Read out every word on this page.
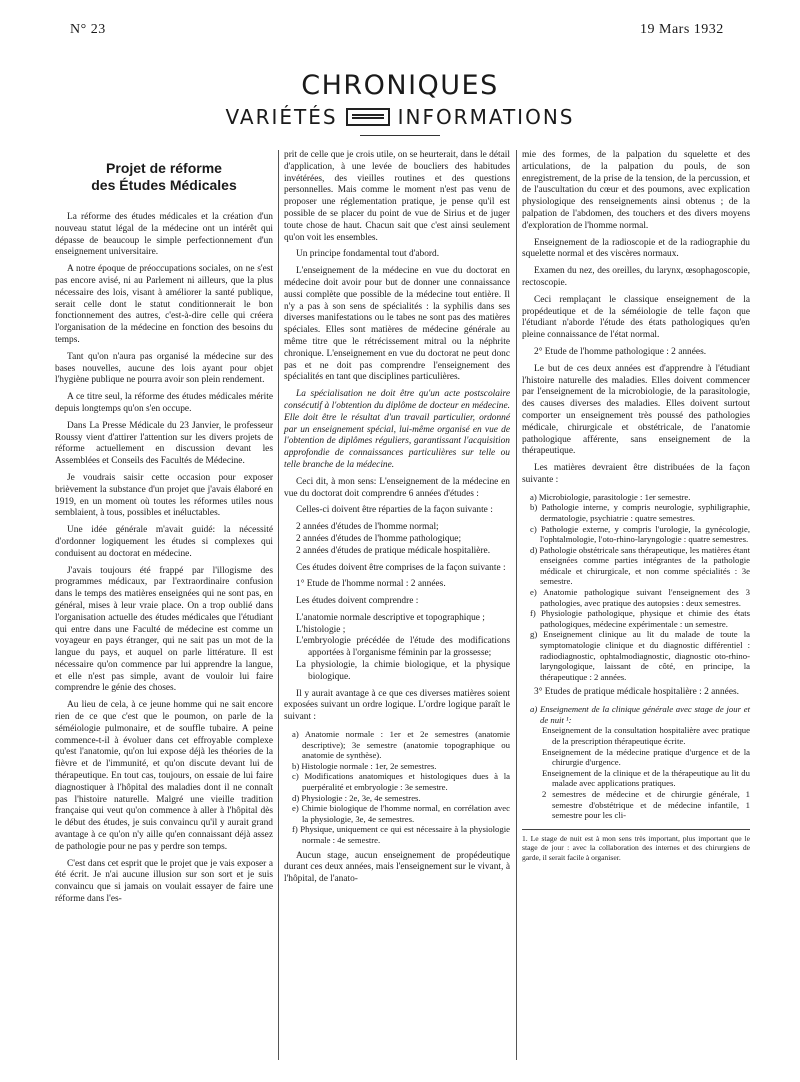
N° 23	19 Mars 1932
CHRONIQUES
VARIÉTÉS	INFORMATIONS
Projet de réforme
des Études Médicales

La réforme des études médicales et la création d'un nouveau statut légal de la médecine ont un intérêt qui dépasse de beaucoup le simple perfectionnement d'un enseignement universitaire.

A notre époque de préoccupations sociales, on ne s'est pas encore avisé, ni au Parlement ni ailleurs, que la plus nécessaire des lois, visant à améliorer la santé publique, serait celle dont le statut conditionnerait le bon fonctionnement des autres, c'est-à-dire celle qui créera l'organisation de la médecine en fonction des besoins du temps.

Tant qu'on n'aura pas organisé la médecine sur des bases nouvelles, aucune des lois ayant pour objet l'hygiène publique ne pourra avoir son plein rendement.

A ce titre seul, la réforme des études médicales mérite depuis longtemps qu'on s'en occupe.

Dans La Presse Médicale du 23 Janvier, le professeur Roussy vient d'attirer l'attention sur les divers projets de réforme actuellement en discussion devant les Assemblées et Conseils des Facultés de Médecine.

Je voudrais saisir cette occasion pour exposer brièvement la substance d'un projet que j'avais élaboré en 1919, en un moment où toutes les réformes utiles nous semblaient, à tous, possibles et inéluctables.

Une idée générale m'avait guidé: la nécessité d'ordonner logiquement les études si complexes qui conduisent au doctorat en médecine.

J'avais toujours été frappé par l'illogisme des programmes médicaux, par l'extraordinaire confusion dans le temps des matières enseignées qui ne sont pas, en général, mises à leur vraie place. On a trop oublié dans l'organisation actuelle des études médicales que l'étudiant qui entre dans une Faculté de médecine est comme un voyageur en pays étranger, qui ne sait pas un mot de la langue du pays, et auquel on parle littérature. Il est nécessaire qu'on commence par lui apprendre la langue, et elle n'est pas simple, avant de vouloir lui faire comprendre le génie des choses.

Au lieu de cela, à ce jeune homme qui ne sait encore rien de ce que c'est que le poumon, on parle de la séméiologie pulmonaire, et de souffle tubaire. A peine commence-t-il à évoluer dans cet effroyable complexe qu'est l'anatomie, qu'on lui expose déjà les théories de la fièvre et de l'immunité, et qu'on discute devant lui de thérapeutique. En tout cas, toujours, on essaie de lui faire diagnostiquer à l'hôpital des maladies dont il ne connaît pas l'histoire naturelle. Malgré une vieille tradition française qui veut qu'on commence à aller à l'hôpital dès le début des études, je suis convaincu qu'il y aurait grand avantage à ce qu'on n'y aille qu'en connaissant déjà assez de pathologie pour ne pas y perdre son temps.

C'est dans cet esprit que le projet que je vais exposer a été écrit. Je n'ai aucune illusion sur son sort et je suis convaincu que si jamais on voulait essayer de faire une réforme dans l'es-

prit de celle que je crois utile, on se heurterait, dans le détail d'application, à une levée de boucliers des habitudes invétérées, des vieilles routines et des questions personnelles. Mais comme le moment n'est pas venu de proposer une réglementation pratique, je pense qu'il est possible de se placer du point de vue de Sirius et de juger toute chose de haut. Chacun sait que c'est ainsi seulement qu'on voit les ensembles.

Un principe fondamental tout d'abord.

L'enseignement de la médecine en vue du doctorat en médecine doit avoir pour but de donner une connaissance aussi complète que possible de la médecine tout entière. Il n'y a pas à son sens de spécialités : la syphilis dans ses diverses manifestations ou le tabes ne sont pas des matières spéciales. Elles sont matières de médecine générale au même titre que le rétrécissement mitral ou la néphrite chronique. L'enseignement en vue du doctorat ne peut donc pas et ne doit pas comprendre l'enseignement des spécialités en tant que disciplines particulières.

La spécialisation ne doit être qu'un acte postscolaire consécutif à l'obtention du diplôme de docteur en médecine. Elle doit être le résultat d'un travail particulier, ordonné par un enseignement spécial, lui-même organisé en vue de l'obtention de diplômes réguliers, garantissant l'acquisition approfondie de connaissances particulières sur telle ou telle branche de la médecine.

Ceci dit, à mon sens: L'enseignement de la médecine en vue du doctorat doit comprendre 6 années d'études :

Celles-ci doivent être réparties de la façon suivante :

2 années d'études de l'homme normal;
2 années d'études de l'homme pathologique;
2 années d'études de pratique médicale hospitalière.

Ces études doivent être comprises de la façon suivante :

1° Etude de l'homme normal : 2 années.

Les études doivent comprendre :

L'anatomie normale descriptive et topographique ;
L'histologie ;
L'embryologie précédée de l'étude des modifications apportées à l'organisme féminin par la grossesse;
La physiologie, la chimie biologique, et la physique biologique.

Il y aurait avantage à ce que ces diverses matières soient exposées suivant un ordre logique. L'ordre logique paraît le suivant :

a) Anatomie normale : 1er et 2e semestres (anatomie descriptive); 3e semestre (anatomie topographique ou anatomie de synthèse).
b) Histologie normale : 1er, 2e semestres.
c) Modifications anatomiques et histologiques dues à la puerpéralité et embryologie : 3e semestre.
d) Physiologie : 2e, 3e, 4e semestres.
e) Chimie biologique de l'homme normal, en corrélation avec la physiologie, 3e, 4e semestres.
f) Physique, uniquement ce qui est nécessaire à la physiologie normale : 4e semestre.

Aucun stage, aucun enseignement de propédeutique durant ces deux années, mais l'enseignement sur le vivant, à l'hôpital, de l'anato-

mie des formes, de la palpation du squelette et des articulations, de la palpation du pouls, de son enregistrement, de la prise de la tension, de la percussion, et de l'auscultation du cœur et des poumons, avec explication physiologique des renseignements ainsi obtenus ; de la palpation de l'abdomen, des touchers et des divers moyens d'exploration de l'homme normal.

Enseignement de la radioscopie et de la radiographie du squelette normal et des viscères normaux.

Examen du nez, des oreilles, du larynx, œsophagoscopie, rectoscopie.

Ceci remplaçant le classique enseignement de la propédeutique et de la séméiologie de telle façon que l'étudiant n'aborde l'étude des états pathologiques qu'en pleine connaissance de l'état normal.

2° Etude de l'homme pathologique : 2 années.

Le but de ces deux années est d'apprendre à l'étudiant l'histoire naturelle des maladies. Elles doivent commencer par l'enseignement de la microbiologie, de la parasitologie, des causes diverses des maladies. Elles doivent surtout comporter un enseignement très poussé des pathologies médicale, chirurgicale et obstétricale, de l'anatomie pathologique afférente, sans enseignement de la thérapeutique.

Les matières devraient être distribuées de la façon suivante :

a) Microbiologie, parasitologie : 1er semestre.
b) Pathologie interne, y compris neurologie, syphiligraphie, dermatologie, psychiatrie : quatre semestres.
c) Pathologie externe, y compris l'urologie, la gynécologie, l'ophtalmologie, l'oto-rhino-laryngologie : quatre semestres.
d) Pathologie obstétricale sans thérapeutique, les matières étant enseignées comme parties intégrantes de la pathologie médicale et chirurgicale, et non comme spécialités : 3e semestre.
e) Anatomie pathologique suivant l'enseignement des 3 pathologies, avec pratique des autopsies : deux semestres.
f) Physiologie pathologique, physique et chimie des états pathologiques, médecine expérimentale : un semestre.
g) Enseignement clinique au lit du malade de toute la symptomatologie clinique et du diagnostic différentiel : radiodiagnostic, ophtalmodiagnostic, diagnostic oto-rhino-laryngologique, laissant de côté, en principe, la thérapeutique : 2 années.

3° Etudes de pratique médicale hospitalière : 2 années.

a) Enseignement de la clinique générale avec stage de jour et de nuit ¹:
Enseignement de la consultation hospitalière avec pratique de la prescription thérapeutique écrite.
Enseignement de la médecine pratique d'urgence et de la chirurgie d'urgence.
Enseignement de la clinique et de la thérapeutique au lit du malade avec applications pratiques.
2 semestres de médecine et de chirurgie générale, 1 semestre d'obstétrique et de médecine infantile, 1 semestre pour les cli-
1. Le stage de nuit est à mon sens très important, plus important que le stage de jour : avec la collaboration des internes et des chirurgiens de garde, il serait facile à organiser.
